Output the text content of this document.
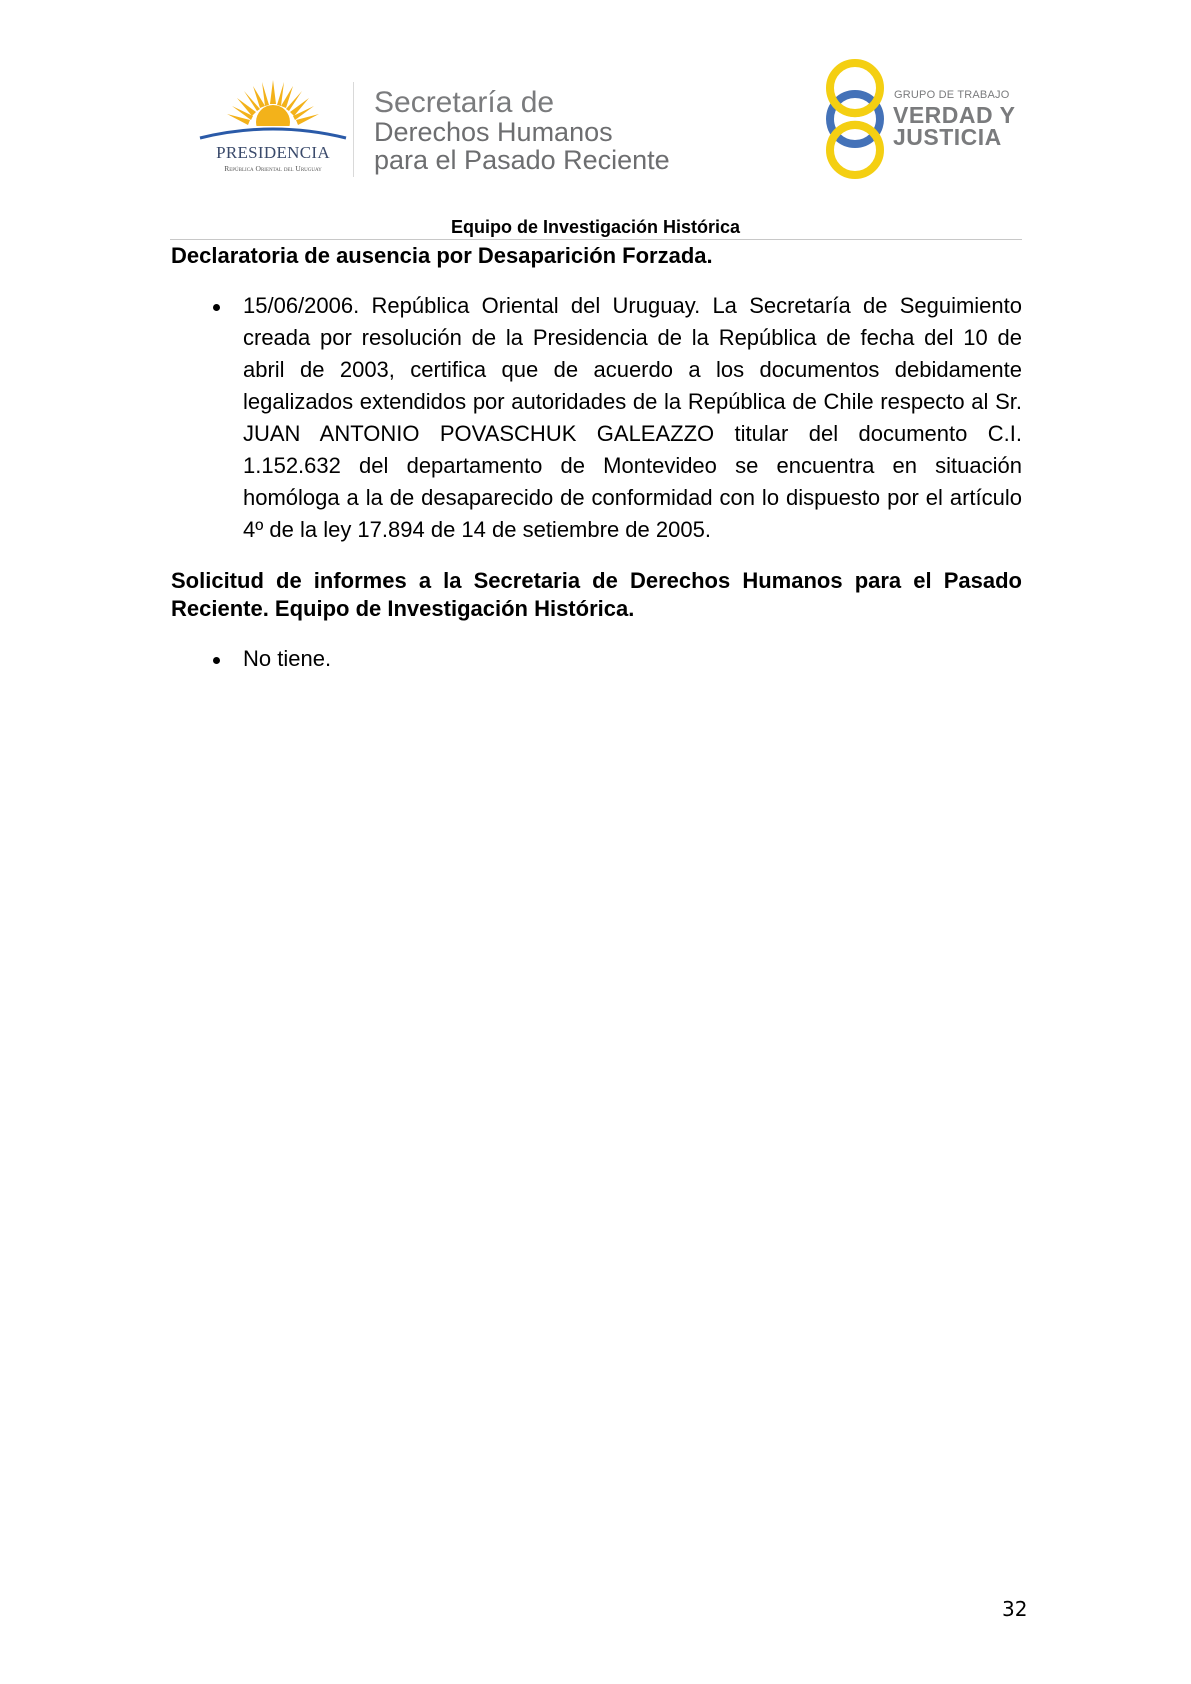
PRESIDENCIA
República Oriental del Uruguay
Secretaría de
Derechos Humanos
para el Pasado Reciente
GRUPO DE TRABAJO
VERDAD Y
JUSTICIA
Equipo de Investigación Histórica
Declaratoria de ausencia por Desaparición Forzada.
15/06/2006. República Oriental del Uruguay. La Secretaría de Seguimiento creada por resolución de la Presidencia de la República de fecha del 10 de abril de 2003, certifica que de acuerdo a los documentos debidamente legalizados extendidos por autoridades de la República de Chile respecto al Sr. JUAN ANTONIO POVASCHUK GALEAZZO titular del documento C.I. 1.152.632 del departamento de Montevideo se encuentra en situación homóloga a la de desaparecido de conformidad con lo dispuesto por el artículo 4º de la ley 17.894 de 14 de setiembre de 2005.
Solicitud de informes a la Secretaria de Derechos Humanos para el Pasado Reciente. Equipo de Investigación Histórica.
No tiene.
32
